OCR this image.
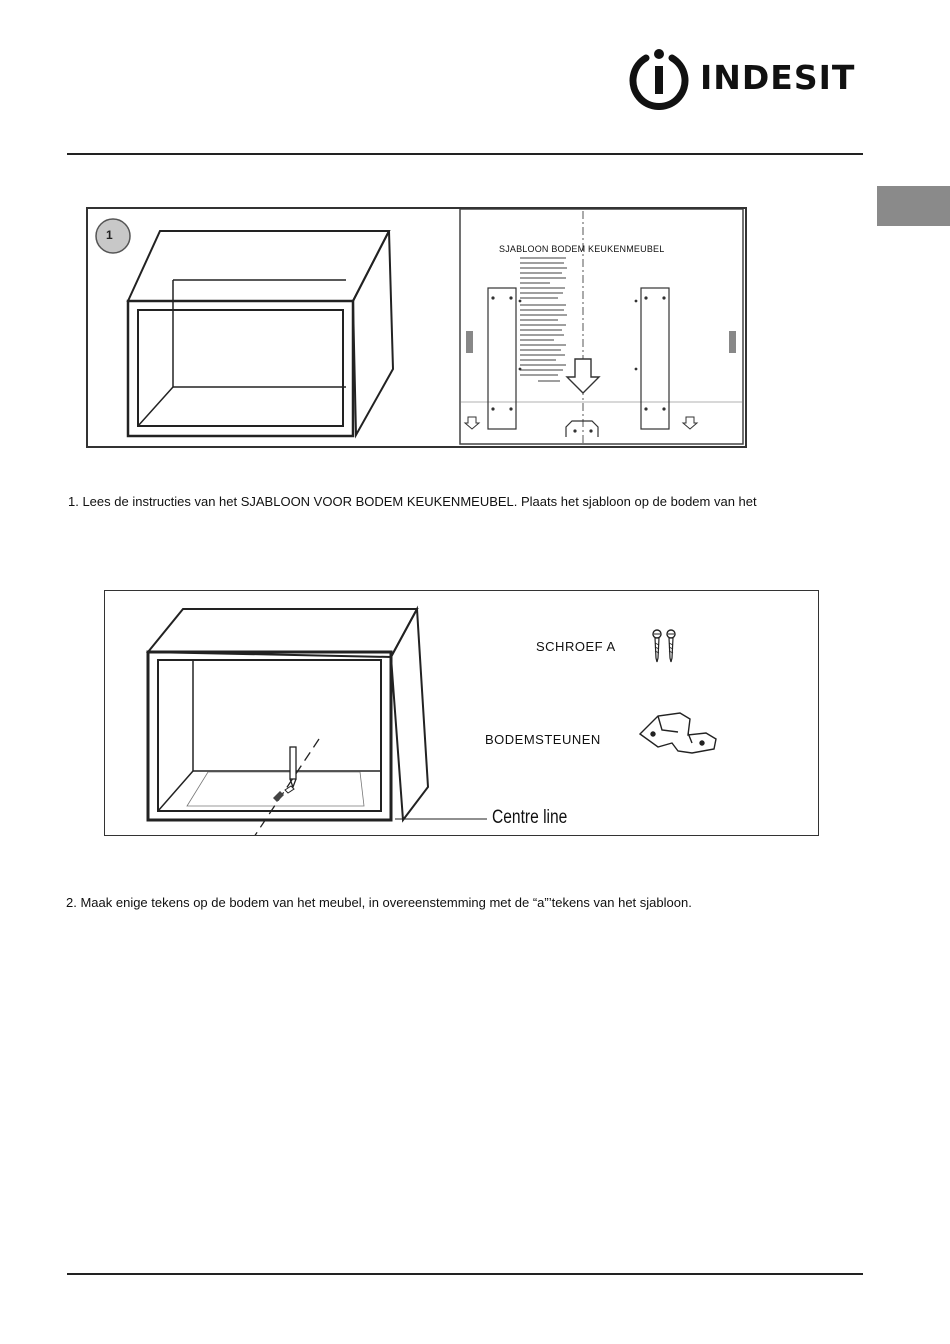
INDESIT
1
SJABLOON BODEM KEUKENMEUBEL
1. Lees de instructies van het SJABLOON VOOR BODEM KEUKENMEUBEL. Plaats het sjabloon op de bodem van het
SCHROEF A
BODEMSTEUNEN
Centre line
2. Maak enige tekens op de bodem van het meubel, in overeenstemming met de “a”’tekens van het sjabloon.
